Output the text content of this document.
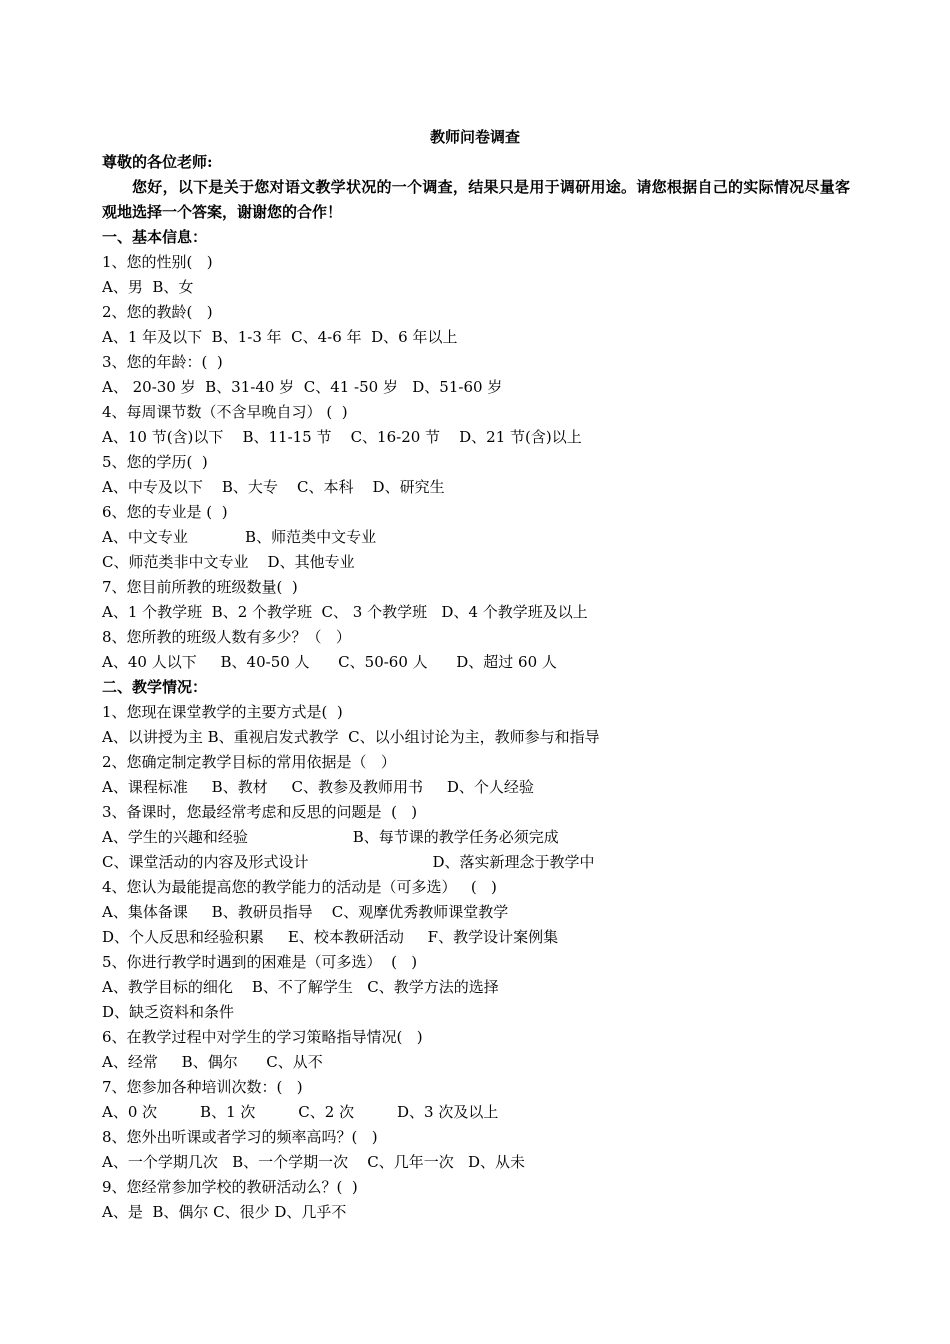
教师问卷调查
尊敬的各位老师:
您好，以下是关于您对语文教学状况的一个调查，结果只是用于调研用途。请您根据自己的实际情况尽量客观地选择一个答案，谢谢您的合作！
一、基本信息：
1、您的性别(   )
A、男  B、女
2、您的教龄(   )
A、1 年及以下  B、1-3 年  C、4-6 年  D、6 年以上
3、您的年龄：(  )
A、 20-30 岁  B、31-40 岁  C、41 -50 岁   D、51-60 岁
4、每周课节数（不含早晚自习） (  )
A、10 节(含)以下    B、11-15 节    C、16-20 节    D、21 节(含)以上
5、您的学历(  )
A、中专及以下    B、大专    C、本科    D、研究生
6、您的专业是 (  )
A、中文专业            B、师范类中文专业
C、师范类非中文专业    D、其他专业
7、您目前所教的班级数量(  )
A、1 个教学班  B、2 个教学班  C、 3 个教学班   D、4 个教学班及以上
8、您所教的班级人数有多少？（   ）
A、40 人以下     B、40-50 人      C、50-60 人      D、超过 60 人
二、教学情况：
1、您现在课堂教学的主要方式是(  )
A、以讲授为主 B、重视启发式教学  C、以小组讨论为主，教师参与和指导
2、您确定制定教学目标的常用依据是（   ）
A、课程标准     B、教材     C、教参及教师用书     D、个人经验
3、备课时，您最经常考虑和反思的问题是  (   )
A、学生的兴趣和经验                      B、每节课的教学任务必须完成
C、课堂活动的内容及形式设计                          D、落实新理念于教学中
4、您认为最能提高您的教学能力的活动是（可多选）   (   )
A、集体备课     B、教研员指导    C、观摩优秀教师课堂教学
D、个人反思和经验积累     E、校本教研活动     F、教学设计案例集
5、你进行教学时遇到的困难是（可多选）  (   )
A、教学目标的细化    B、不了解学生   C、教学方法的选择
D、缺乏资料和条件
6、在教学过程中对学生的学习策略指导情况(   )
A、经常     B、偶尔      C、从不
7、您参加各种培训次数：(   )
A、0 次         B、1 次         C、2 次         D、3 次及以上
8、您外出听课或者学习的频率高吗？(   )
A、一个学期几次   B、一个学期一次    C、几年一次   D、从未
9、您经常参加学校的教研活动么？(  )
A、是  B、偶尔 C、很少 D、几乎不
